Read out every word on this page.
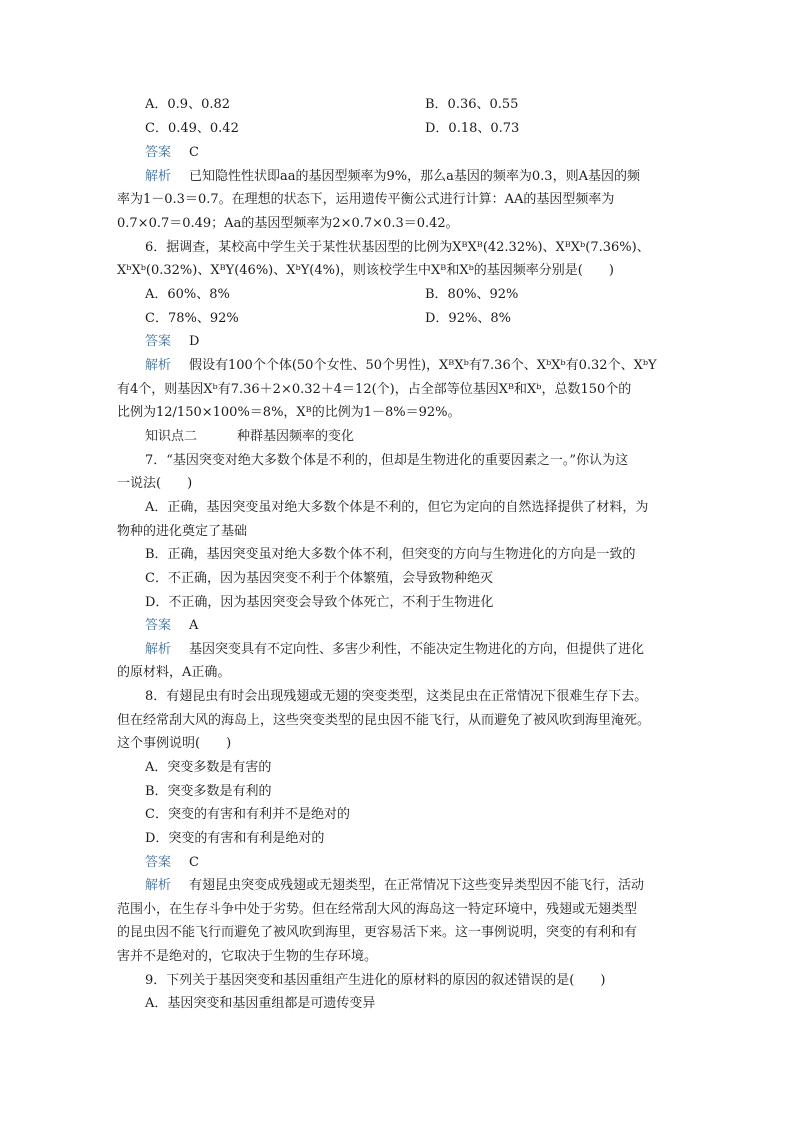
A．0.9、0.82	B．0.36、0.55
C．0.49、0.42	D．0.18、0.73
答案 C
解析 已知隐性性状即aa的基因型频率为9%，那么a基因的频率为0.3，则A基因的频
率为1－0.3＝0.7。在理想的状态下，运用遗传平衡公式进行计算：AA的基因型频率为
0.7×0.7＝0.49；Aa的基因型频率为2×0.7×0.3＝0.42。
6．据调查，某校高中学生关于某性状基因型的比例为XᴮXᴮ(42.32%)、XᴮXᵇ(7.36%)、
XᵇXᵇ(0.32%)、XᴮY(46%)、XᵇY(4%)，则该校学生中Xᴮ和Xᵇ的基因频率分别是(　　)
A．60%、8%	B．80%、92%
C．78%、92%	D．92%、8%
答案 D
解析 假设有100个个体(50个女性、50个男性)，XᴮXᵇ有7.36个、XᵇXᵇ有0.32个、XᵇY
有4个，则基因Xᵇ有7.36＋2×0.32＋4＝12(个)，占全部等位基因Xᴮ和Xᵇ，总数150个的
比例为12/150×100%＝8%，Xᴮ的比例为1－8%＝92%。
知识点二	种群基因频率的变化
7．“基因突变对绝大多数个体是不利的，但却是生物进化的重要因素之一。”你认为这
一说法(　　)
A．正确，基因突变虽对绝大多数个体是不利的，但它为定向的自然选择提供了材料，为
物种的进化奠定了基础
B．正确，基因突变虽对绝大多数个体不利，但突变的方向与生物进化的方向是一致的
C．不正确，因为基因突变不利于个体繁殖，会导致物种绝灭
D．不正确，因为基因突变会导致个体死亡，不利于生物进化
答案 A
解析 基因突变具有不定向性、多害少利性，不能决定生物进化的方向，但提供了进化
的原材料，A正确。
8．有翅昆虫有时会出现残翅或无翅的突变类型，这类昆虫在正常情况下很难生存下去。
但在经常刮大风的海岛上，这些突变类型的昆虫因不能飞行，从而避免了被风吹到海里淹死。
这个事例说明(　　)
A．突变多数是有害的
B．突变多数是有利的
C．突变的有害和有利并不是绝对的
D．突变的有害和有利是绝对的
答案 C
解析 有翅昆虫突变成残翅或无翅类型，在正常情况下这些变异类型因不能飞行，活动
范围小，在生存斗争中处于劣势。但在经常刮大风的海岛这一特定环境中，残翅或无翅类型
的昆虫因不能飞行而避免了被风吹到海里，更容易活下来。这一事例说明，突变的有利和有
害并不是绝对的，它取决于生物的生存环境。
9．下列关于基因突变和基因重组产生进化的原材料的原因的叙述错误的是(　　)
A．基因突变和基因重组都是可遗传变异
